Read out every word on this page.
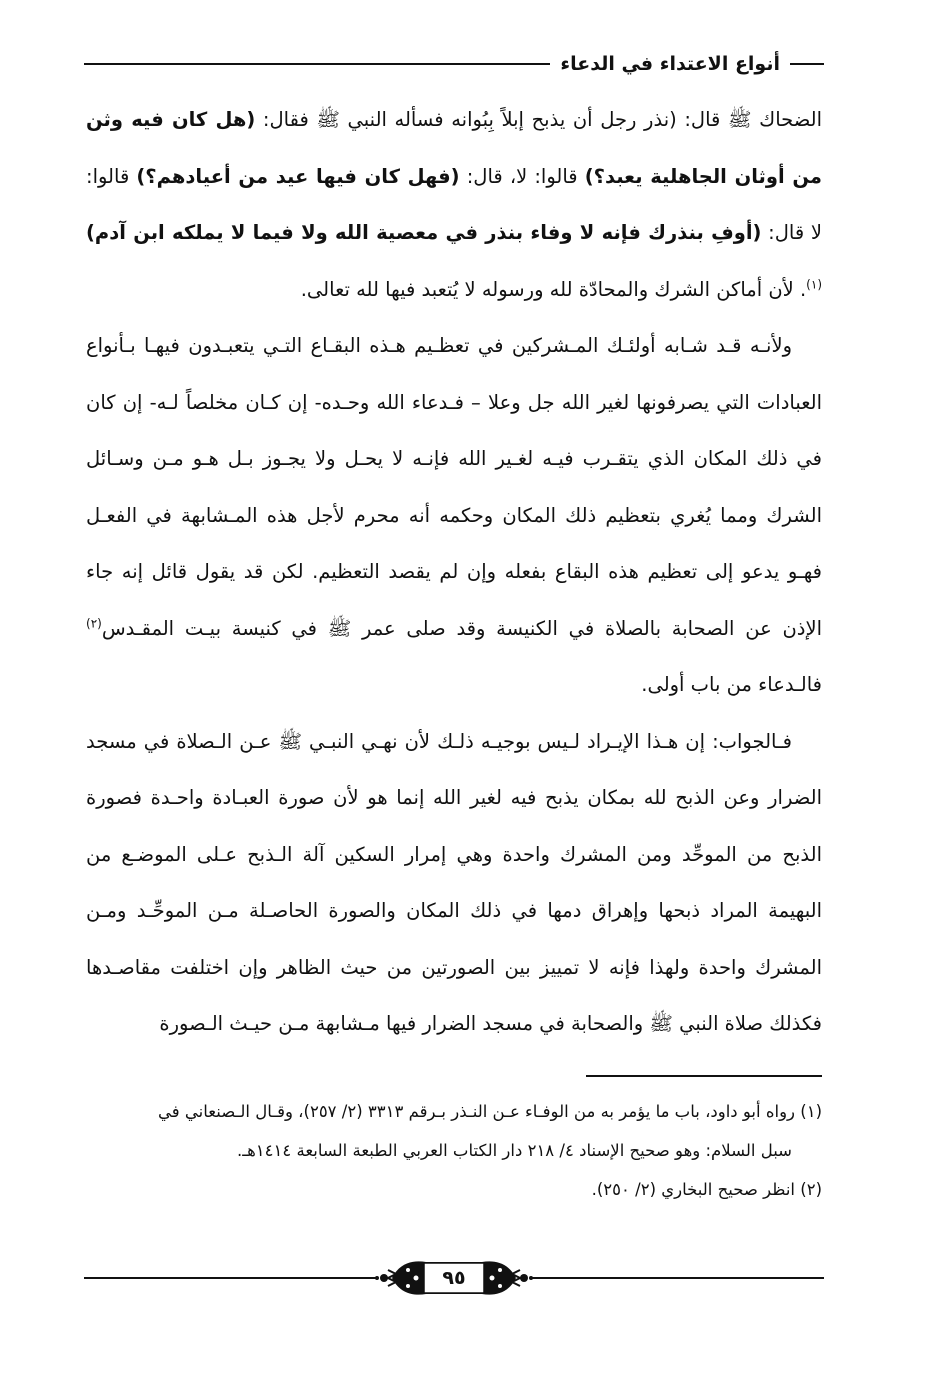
أنواع الاعتداء في الدعاء

الضحاك ﷺ قال: (نذر رجل أن يذبح إبلاً بِبُوانه فسأله النبي ﷺ فقال: (هل كان فيه وثن من أوثان الجاهلية يعبد؟) قالوا: لا، قال: (فهل كان فيها عيد من أعيادهم؟) قالوا: لا قال: (أوفِ بنذرك فإنه لا وفاء بنذر في معصية الله ولا فيما لا يملكه ابن آدم)$^{(١)}$. لأن أماكن الشرك والمحادّة لله ورسوله لا يُتعبد فيها لله تعالى.

ولأنـه قـد شـابه أولئـك المـشركين في تعظـيم هـذه البقـاع التـي يتعبـدون فيهـا بـأنواع العبادات التي يصرفونها لغير الله جل وعلا – فـدعاء الله وحـده- إن كـان مخلصاً لـه- إن كان في ذلك المكان الذي يتقـرب فيـه لغـير الله فإنـه لا يحـل ولا يجـوز بـل هـو مـن وسـائل الشرك ومما يُغري بتعظيم ذلك المكان وحكمه أنه محرم لأجل هذه المـشابهة في الفعـل فهـو يدعو إلى تعظيم هذه البقاع بفعله وإن لم يقصد التعظيم. لكن قد يقول قائل إنه جاء الإذن عن الصحابة بالصلاة في الكنيسة وقد صلى عمر ﷺ في كنيسة بيـت المقـدس$^{(٢)}$ فالـدعاء من باب أولى.

فـالجواب: إن هـذا الإيـراد لـيس بوجيـه ذلـك لأن نهـي النبـي ﷺ عـن الـصلاة في مسجد الضرار وعن الذبح لله بمكان يذبح فيه لغير الله إنما هو لأن صورة العبـادة واحـدة فصورة الذبح من الموحِّد ومن المشرك واحدة وهي إمرار السكين آلة الـذبح عـلى الموضـع من البهيمة المراد ذبحها وإهراق دمها في ذلك المكان والصورة الحاصـلة مـن الموحِّـد ومـن المشرك واحدة ولهذا فإنه لا تمييز بين الصورتين من حيث الظاهر وإن اختلفت مقاصـدها فكذلك صلاة النبي ﷺ والصحابة في مسجد الضرار فيها مـشابهة مـن حيـث الـصورة

(١) رواه أبو داود، باب ما يؤمر به من الوفـاء عـن النـذر بـرقم ٣٣١٣ (٢/ ٢٥٧)، وقـال الـصنعاني في

سبل السلام: وهو صحيح الإسناد ٤/ ٢١٨ دار الكتاب العربي الطبعة السابعة ١٤١٤هـ.

(٢) انظر صحيح البخاري (٢/ ٢٥٠).

٩٥
